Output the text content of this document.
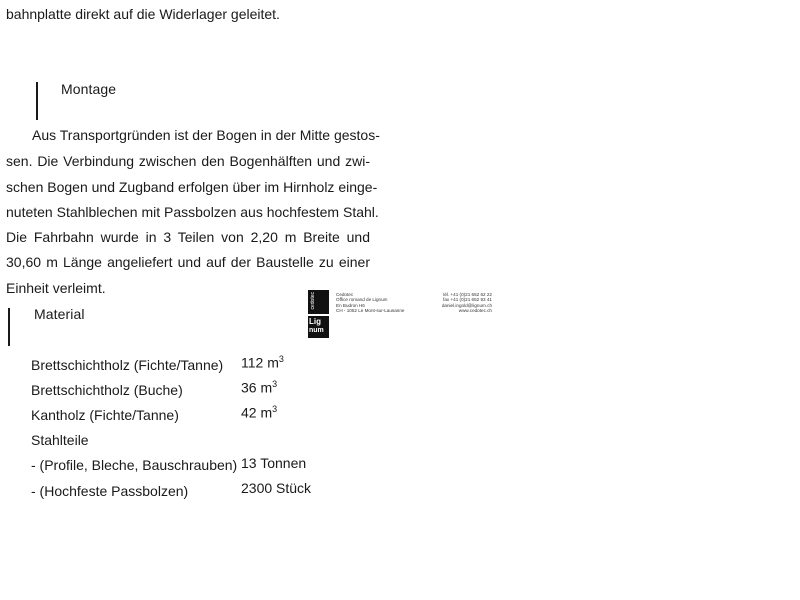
bahnplatte direkt auf die Widerlager geleitet.
Montage
Aus Transportgründen ist der Bogen in der Mitte gestos-
sen. Die Verbindung zwischen den Bogenhälften und zwi-
schen Bogen und Zugband erfolgen über im Hirnholz einge-
nuteten Stahlblechen mit Passbolzen aus hochfestem Stahl.
Die Fahrbahn wurde in 3 Teilen von 2,20 m Breite und
30,60 m Länge angeliefert und auf der Baustelle zu einer
Einheit verleimt.
Material
Brettschichtholz (Fichte/Tanne) 112 $m^3$
Brettschichtholz (Buche)	36 $m^3$
Kantholz (Fichte/Tanne)	42 $m^3$
Stahlteile
- (Profile, Bleche, Bauschrauben) 13 Tonnen
- (Hochfeste Passbolzen)	2300 Stück
cedotec
Lig
num
Cedotec
Office romand de Lignum
En Budron H6
CH - 1052 Le Mont-sur-Lausanne
tél. +41 (0)21 652 62 22
fax +41 (0)21 652 93 41
daniel.ingold@lignum.ch
www.cedotec.ch
